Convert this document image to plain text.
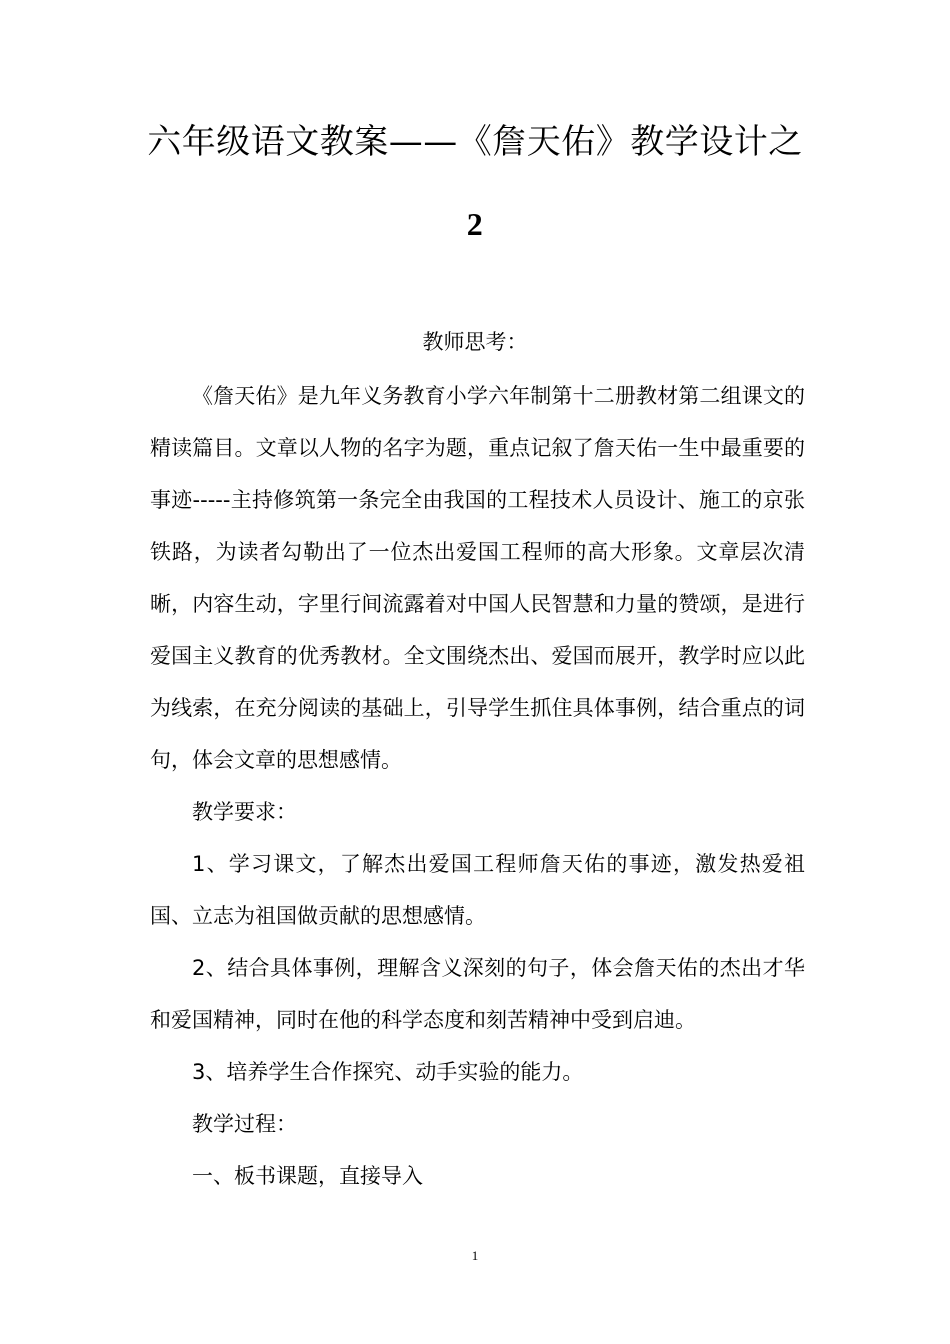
六年级语文教案——《詹天佑》教学设计之
2

教师思考：

《詹天佑》是九年义务教育小学六年制第十二册教材第二组课文的精读篇目。文章以人物的名字为题，重点记叙了詹天佑一生中最重要的事迹-----主持修筑第一条完全由我国的工程技术人员设计、施工的京张铁路，为读者勾勒出了一位杰出爱国工程师的高大形象。文章层次清晰，内容生动，字里行间流露着对中国人民智慧和力量的赞颂，是进行爱国主义教育的优秀教材。全文围绕杰出、爱国而展开，教学时应以此为线索，在充分阅读的基础上，引导学生抓住具体事例，结合重点的词句，体会文章的思想感情。

教学要求：

1、学习课文，了解杰出爱国工程师詹天佑的事迹，激发热爱祖国、立志为祖国做贡献的思想感情。

2、结合具体事例，理解含义深刻的句子，体会詹天佑的杰出才华和爱国精神，同时在他的科学态度和刻苦精神中受到启迪。

3、培养学生合作探究、动手实验的能力。

教学过程：

一、板书课题，直接导入

1
